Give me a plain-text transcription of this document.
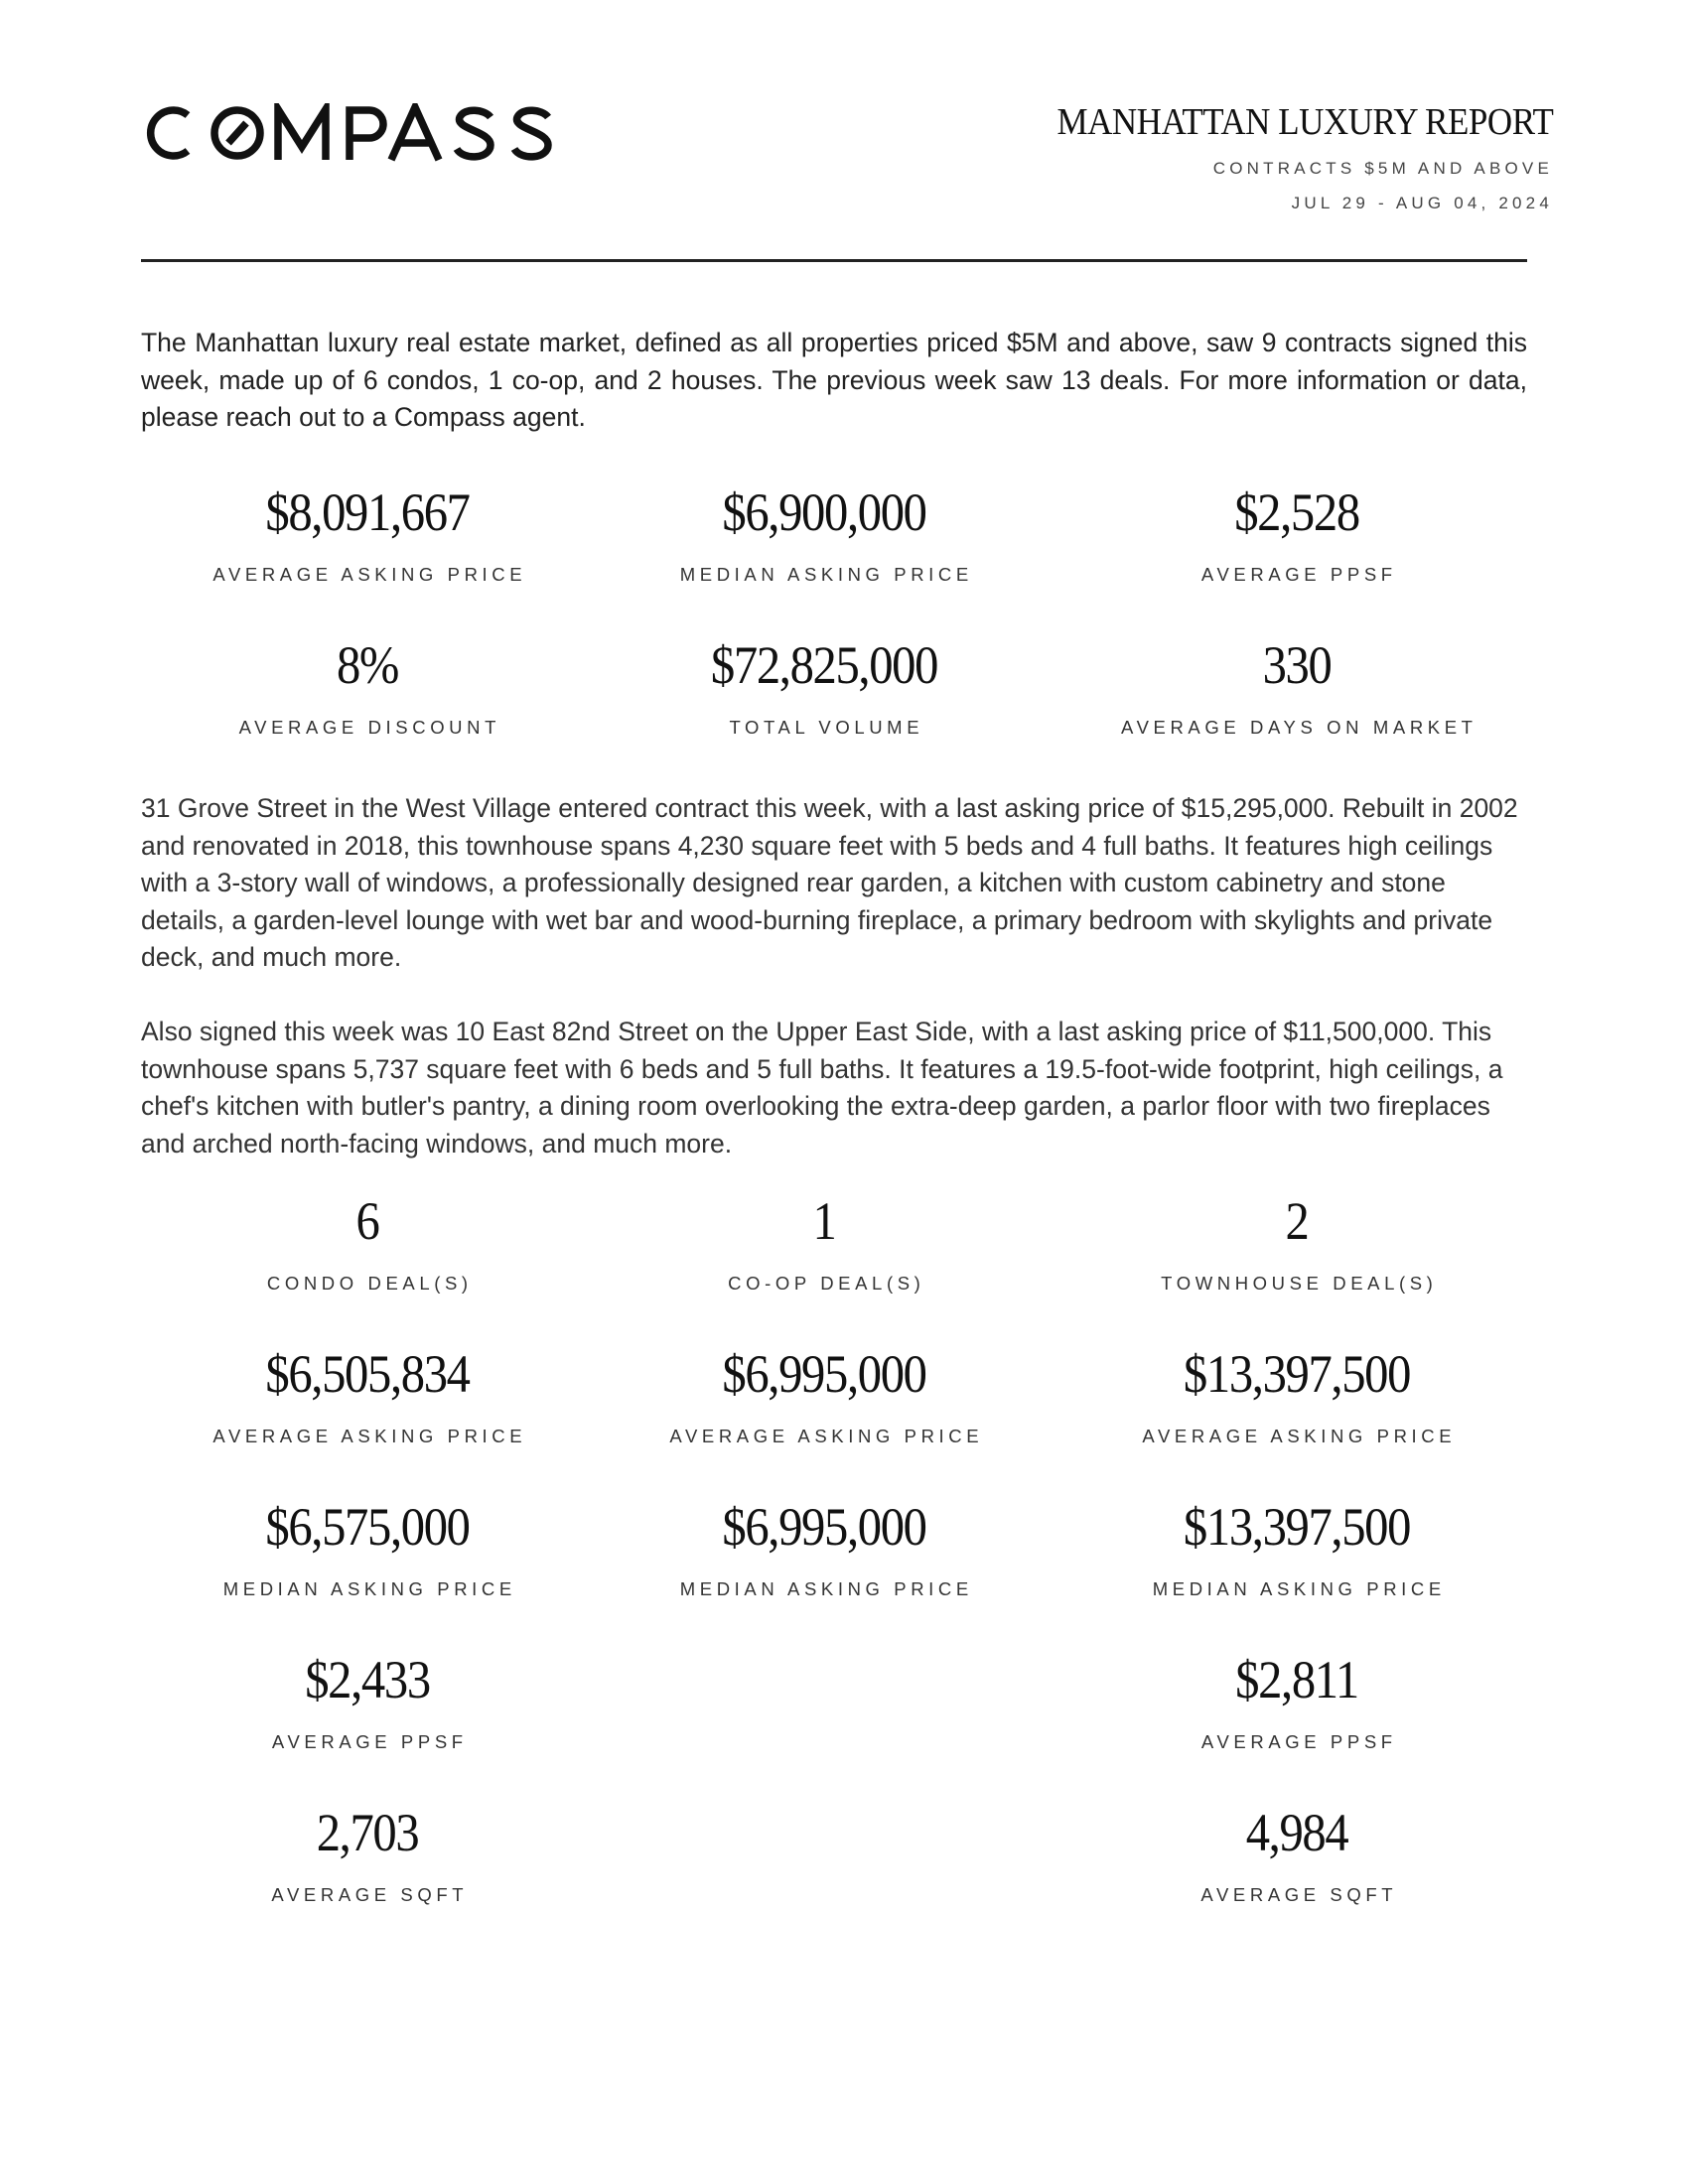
MANHATTAN LUXURY REPORT
CONTRACTS $5M AND ABOVE
JUL 29 - AUG 04, 2024

The Manhattan luxury real estate market, defined as all properties priced $5M and above, saw 9 contracts signed this week, made up of 6 condos, 1 co-op, and 2 houses. The previous week saw 13 deals. For more information or data, please reach out to a Compass agent.

$8,091,667
AVERAGE ASKING PRICE
$6,900,000
MEDIAN ASKING PRICE
$2,528
AVERAGE PPSF
8%
AVERAGE DISCOUNT
$72,825,000
TOTAL VOLUME
330
AVERAGE DAYS ON MARKET

31 Grove Street in the West Village entered contract this week, with a last asking price of $15,295,000. Rebuilt in 2002 and renovated in 2018, this townhouse spans 4,230 square feet with 5 beds and 4 full baths. It features high ceilings with a 3-story wall of windows, a professionally designed rear garden, a kitchen with custom cabinetry and stone details, a garden-level lounge with wet bar and wood-burning fireplace, a primary bedroom with skylights and private deck, and much more.

Also signed this week was 10 East 82nd Street on the Upper East Side, with a last asking price of $11,500,000. This townhouse spans 5,737 square feet with 6 beds and 5 full baths. It features a 19.5-foot-wide footprint, high ceilings, a chef's kitchen with butler's pantry, a dining room overlooking the extra-deep garden, a parlor floor with two fireplaces and arched north-facing windows, and much more.

6
CONDO DEAL(S)
$6,505,834
AVERAGE ASKING PRICE
$6,575,000
MEDIAN ASKING PRICE
$2,433
AVERAGE PPSF
2,703
AVERAGE SQFT
1
CO-OP DEAL(S)
$6,995,000
AVERAGE ASKING PRICE
$6,995,000
MEDIAN ASKING PRICE
2
TOWNHOUSE DEAL(S)
$13,397,500
AVERAGE ASKING PRICE
$13,397,500
MEDIAN ASKING PRICE
$2,811
AVERAGE PPSF
4,984
AVERAGE SQFT
